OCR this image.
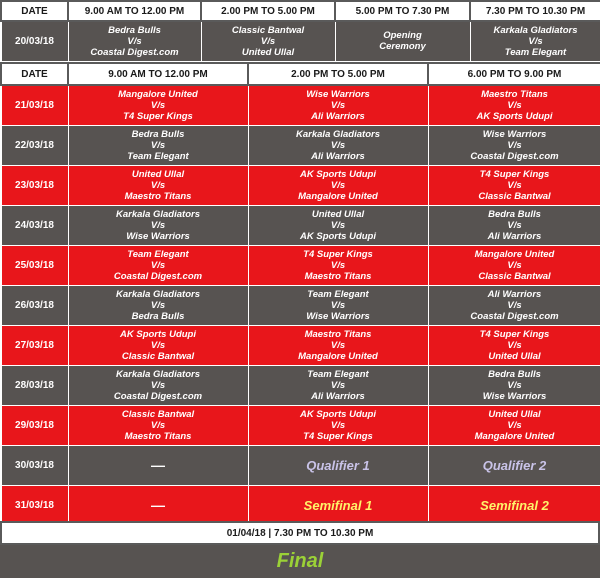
DATE	9.00 AM TO 12.00 PM	2.00 PM TO 5.00 PM	5.00 PM TO 7.30 PM	7.30 PM TO 10.30 PM
20/03/18	Bedra Bulls
V/s
Coastal Digest.com	Classic Bantwal
V/s
United Ullal	Opening
Ceremony	Karkala Gladiators
V/s
Team Elegant
DATE	9.00 AM TO 12.00 PM	2.00 PM TO 5.00 PM	6.00 PM TO 9.00 PM
21/03/18	Mangalore United
V/s
T4 Super Kings	Wise Warriors
V/s
Ali Warriors	Maestro Titans
V/s
AK Sports Udupi

22/03/18	Bedra Bulls
V/s
Team Elegant	Karkala Gladiators
V/s
Ali Warriors	Wise Warriors
V/s
Coastal Digest.com

23/03/18	United Ullal
V/s
Maestro Titans	AK Sports Udupi
V/s
Mangalore United	T4 Super Kings
V/s
Classic Bantwal

24/03/18	Karkala Gladiators
V/s
Wise Warriors	United Ullal
V/s
AK Sports Udupi	Bedra Bulls
V/s
Ali Warriors

25/03/18	Team Elegant
V/s
Coastal Digest.com	T4 Super Kings
V/s
Maestro Titans	Mangalore United
V/s
Classic Bantwal

26/03/18	Karkala Gladiators
V/s
Bedra Bulls	Team Elegant
V/s
Wise Warriors	Ali Warriors
V/s
Coastal Digest.com

27/03/18	AK Sports Udupi
V/s
Classic Bantwal	Maestro Titans
V/s
Mangalore United	T4 Super Kings
V/s
United Ullal

28/03/18	Karkala Gladiators
V/s
Coastal Digest.com	Team Elegant
V/s
Ali Warriors	Bedra Bulls
V/s
Wise Warriors

29/03/18	Classic Bantwal
V/s
Maestro Titans	AK Sports Udupi
V/s
T4 Super Kings	United Ullal
V/s
Mangalore United

30/03/18	—	Qualifier 1	Qualifier 2
31/03/18	—	Semifinal 1	Semifinal 2
01/04/18 | 7.30 PM TO 10.30 PM
Final
